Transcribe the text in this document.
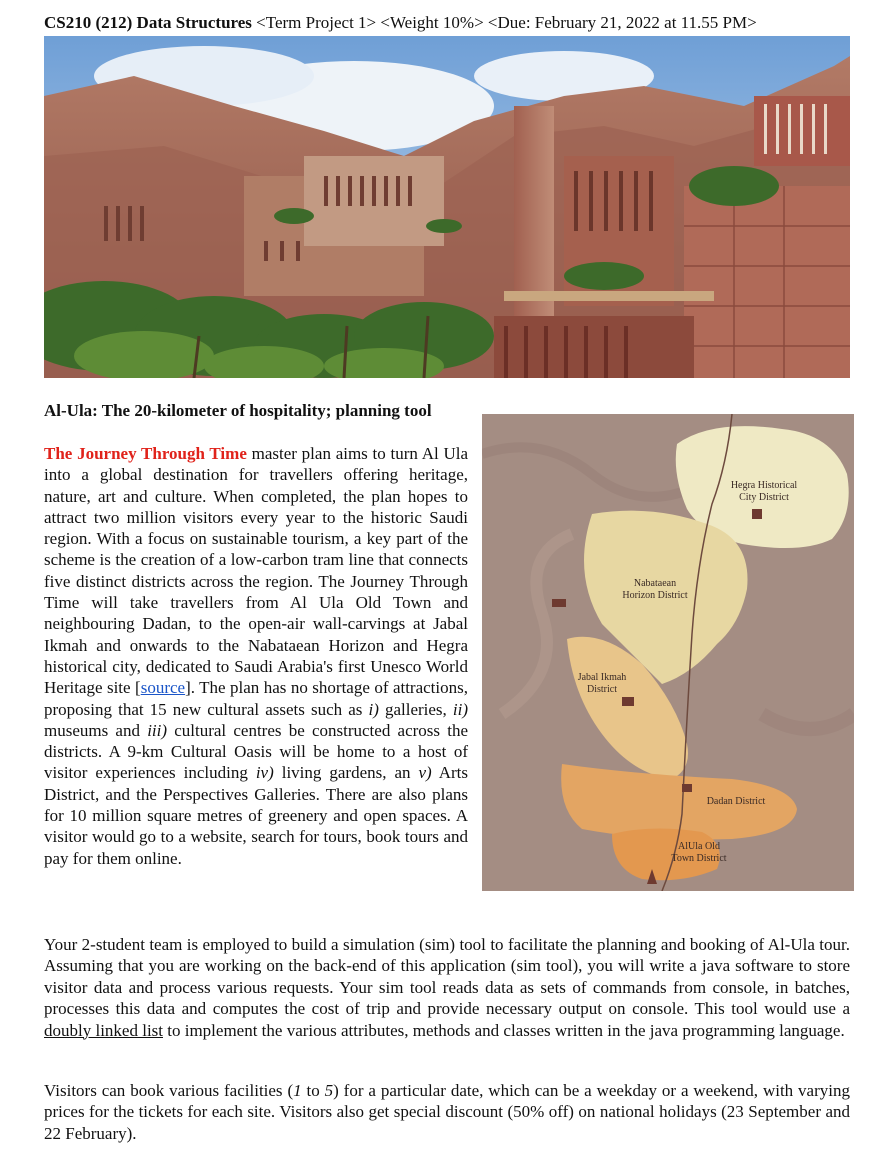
CS210 (212) Data Structures <Term Project 1> <Weight 10%> <Due: February 21, 2022 at 11.55 PM>
Al-Ula: The 20-kilometer of hospitality; planning tool
The Journey Through Time master plan aims to turn Al Ula into a global destination for travellers offering heritage, nature, art and culture. When completed, the plan hopes to attract two million visitors every year to the historic Saudi region. With a focus on sustainable tourism, a key part of the scheme is the creation of a low-carbon tram line that connects five distinct districts across the region. The Journey Through Time will take travellers from Al Ula Old Town and neighbouring Dadan, to the open-air wall-carvings at Jabal Ikmah and onwards to the Nabataean Horizon and Hegra historical city, dedicated to Saudi Arabia's first Unesco World Heritage site [source]. The plan has no shortage of attractions, proposing that 15 new cultural assets such as i) galleries, ii) museums and iii) cultural centres be constructed across the districts. A 9-km Cultural Oasis will be home to a host of visitor experiences including iv) living gardens, an v) Arts District, and the Perspectives Galleries. There are also plans for 10 million square metres of greenery and open spaces. A visitor would go to a website, search for tours, book tours and pay for them online.
Hegra Historical
City District
Nabataean
Horizon District
Jabal Ikmah
District
Dadan District
AlUla Old
Town District
Your 2-student team is employed to build a simulation (sim) tool to facilitate the planning and booking of Al-Ula tour. Assuming that you are working on the back-end of this application (sim tool), you will write a java software to store visitor data and process various requests. Your sim tool reads data as sets of commands from console, in batches, processes this data and computes the cost of trip and provide necessary output on console. This tool would use a doubly linked list to implement the various attributes, methods and classes written in the java programming language.
Visitors can book various facilities (1 to 5) for a particular date, which can be a weekday or a weekend, with varying prices for the tickets for each site. Visitors also get special discount (50% off) on national holidays (23 September and 22 February).
